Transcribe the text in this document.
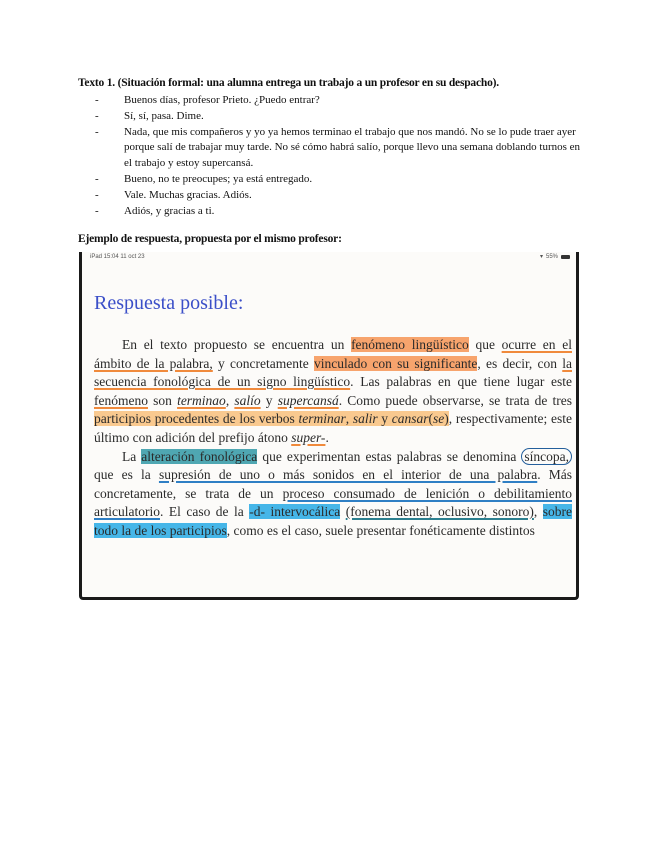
Texto 1. (Situación formal: una alumna entrega un trabajo a un profesor en su despacho).
- Buenos días, profesor Prieto. ¿Puedo entrar?
- Sí, sí, pasa. Dime.
- Nada, que mis compañeros y yo ya hemos terminao el trabajo que nos mandó. No se lo pude traer ayer porque salí de trabajar muy tarde. No sé cómo habrá salío, porque llevo una semana doblando turnos en el trabajo y estoy supercansá.
- Bueno, no te preocupes; ya está entregado.
- Vale. Muchas gracias. Adiós.
- Adiós, y gracias a ti.
Ejemplo de respuesta, propuesta por el mismo profesor:
iPad 15:04 11 oct 23	▾ 55%
Respuesta posible:

En el texto propuesto se encuentra un fenómeno lingüístico que ocurre en el ámbito de la palabra, y concretamente vinculado con su significante, es decir, con la secuencia fonológica de un signo lingüístico. Las palabras en que tiene lugar este fenómeno son terminao, salío y supercansá. Como puede observarse, se trata de tres participios procedentes de los verbos terminar, salir y cansar(se), respectivamente; este último con adición del prefijo átono super-.

La alteración fonológica que experimentan estas palabras se denomina síncopa, que es la supresión de uno o más sonidos en el interior de una palabra. Más concretamente, se trata de un proceso consumado de lenición o debilitamiento articulatorio. El caso de la -d- intervocálica (fonema dental, oclusivo, sonoro), sobre todo la de los participios, como es el caso, suele presentar fonéticamente distintos
